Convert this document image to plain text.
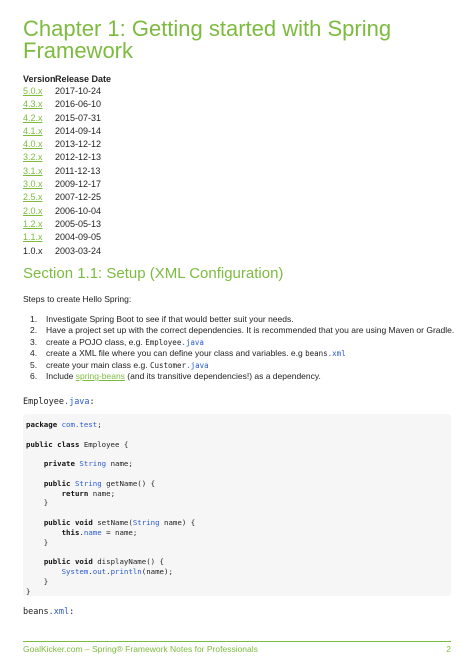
Chapter 1: Getting started with Spring Framework
VersionRelease Date
5.0.x 2017-10-24
4.3.x 2016-06-10
4.2.x 2015-07-31
4.1.x 2014-09-14
4.0.x 2013-12-12
3.2.x 2012-12-13
3.1.x 2011-12-13
3.0.x 2009-12-17
2.5.x 2007-12-25
2.0.x 2006-10-04
1.2.x 2005-05-13
1.1.x 2004-09-05
1.0.x 2003-03-24
Section 1.1: Setup (XML Configuration)
Steps to create Hello Spring:
1. Investigate Spring Boot to see if that would better suit your needs.
2. Have a project set up with the correct dependencies. It is recommended that you are using Maven or Gradle.
3. create a POJO class, e.g. Employee.java
4. create a XML file where you can define your class and variables. e.g beans.xml
5. create your main class e.g. Customer.java
6. Include spring-beans (and its transitive dependencies!) as a dependency.
Employee.java:
package com.test;

public class Employee {

private String name;

public String getName() {
return name;
}

public void setName(String name) {
this.name = name;
}

public void displayName() {
System.out.println(name);
}
}
beans.xml:
GoalKicker.com – Spring® Framework Notes for Professionals	2
